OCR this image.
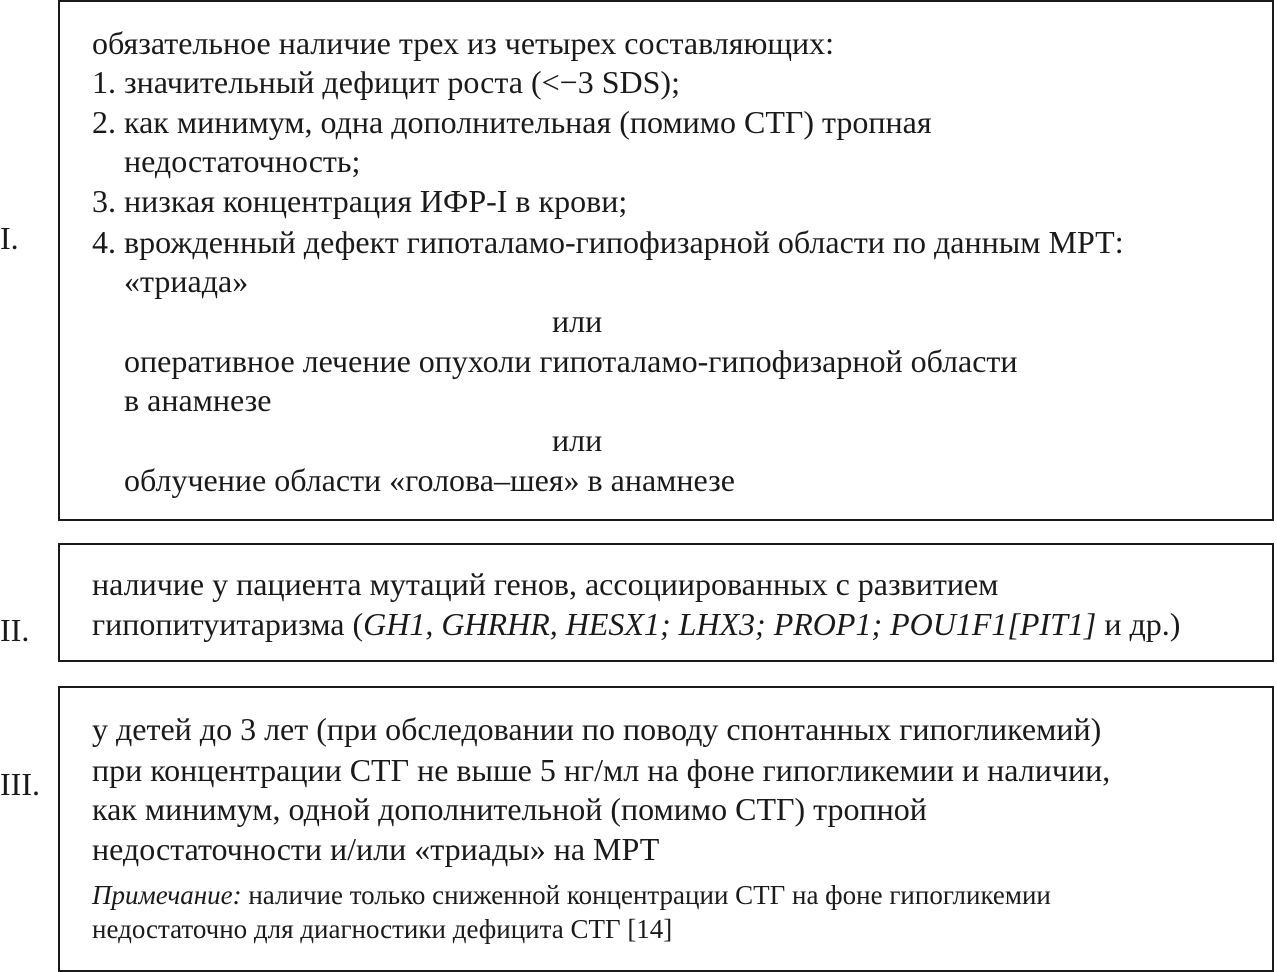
I.
обязательное наличие трех из четырех составляющих:
1. значительный дефицит роста (<−3 SDS);
2. как минимум, одна дополнительная (помимо СТГ) тропная
недостаточность;
3. низкая концентрация ИФР-I в крови;
4. врожденный дефект гипоталамо-гипофизарной области по данным МРТ:
«триада»
или
оперативное лечение опухоли гипоталамо-гипофизарной области
в анамнезе
или
облучение области «голова–шея» в анамнезе
II.
наличие у пациента мутаций генов, ассоциированных с развитием
гипопитуитаризма (GH1, GHRHR, HESX1; LHX3; PROP1; POU1F1[PIT1] и др.)
III.
у детей до 3 лет (при обследовании по поводу спонтанных гипогликемий)
при концентрации СТГ не выше 5 нг/мл на фоне гипогликемии и наличии,
как минимум, одной дополнительной (помимо СТГ) тропной
недостаточности и/или «триады» на МРТ
Примечание: наличие только сниженной концентрации СТГ на фоне гипогликемии
недостаточно для диагностики дефицита СТГ [14]
